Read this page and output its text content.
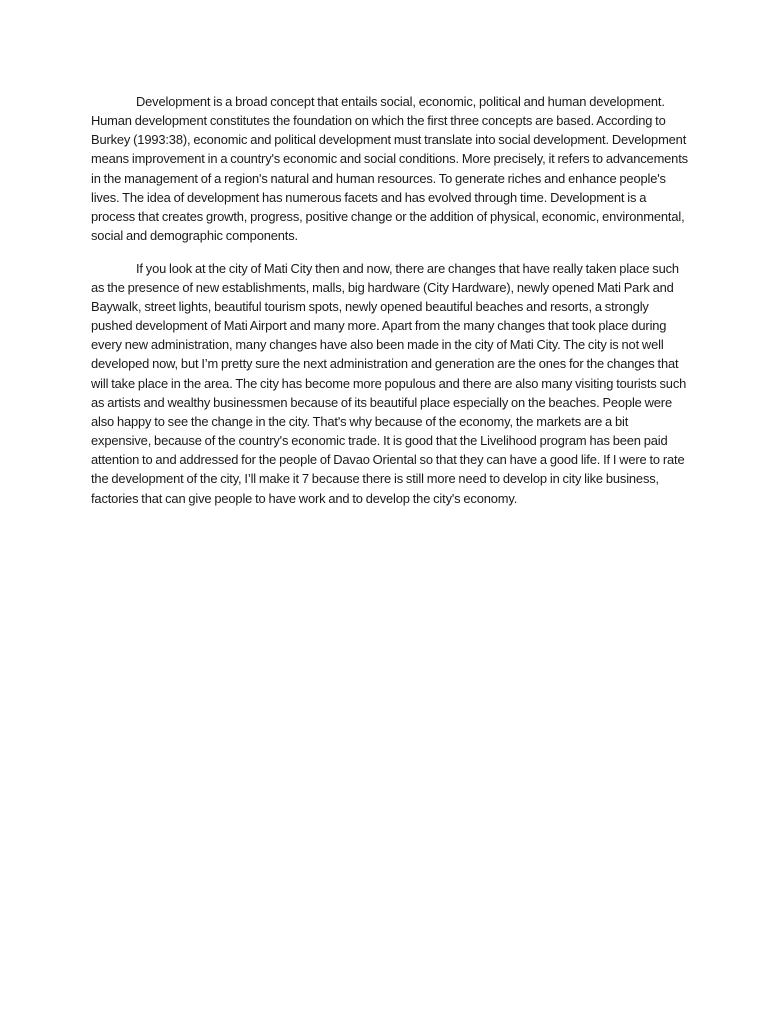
Development is a broad concept that entails social, economic, political and human development. Human development constitutes the foundation on which the first three concepts are based. According to Burkey (1993:38), economic and political development must translate into social development. Development means improvement in a country's economic and social conditions. More precisely, it refers to advancements in the management of a region's natural and human resources. To generate riches and enhance people's lives. The idea of development has numerous facets and has evolved through time. Development is a process that creates growth, progress, positive change or the addition of physical, economic, environmental, social and demographic components.

If you look at the city of Mati City then and now, there are changes that have really taken place such as the presence of new establishments, malls, big hardware (City Hardware), newly opened Mati Park and Baywalk, street lights, beautiful tourism spots, newly opened beautiful beaches and resorts, a strongly pushed development of Mati Airport and many more. Apart from the many changes that took place during every new administration, many changes have also been made in the city of Mati City. The city is not well developed now, but I’m pretty sure the next administration and generation are the ones for the changes that will take place in the area. The city has become more populous and there are also many visiting tourists such as artists and wealthy businessmen because of its beautiful place especially on the beaches. People were also happy to see the change in the city. That's why because of the economy, the markets are a bit expensive, because of the country's economic trade. It is good that the Livelihood program has been paid attention to and addressed for the people of Davao Oriental so that they can have a good life. If I were to rate the development of the city, I’ll make it 7 because there is still more need to develop in city like business, factories that can give people to have work and to develop the city's economy.
